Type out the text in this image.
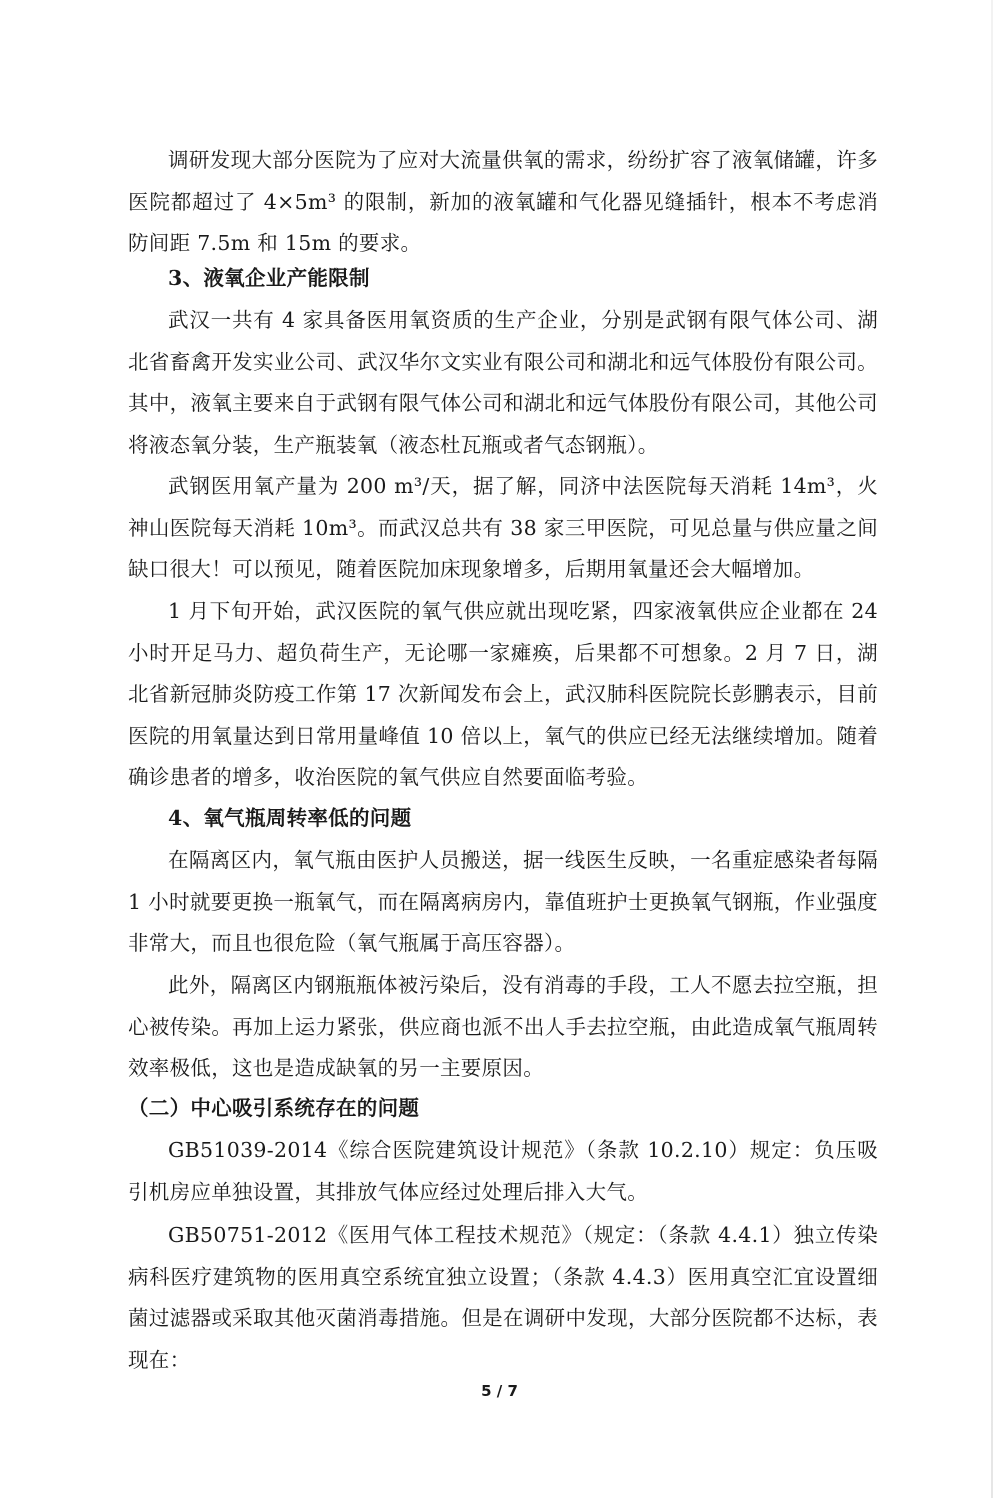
调研发现大部分医院为了应对大流量供氧的需求，纷纷扩容了液氧储罐，许多医院都超过了 4×5m³ 的限制，新加的液氧罐和气化器见缝插针，根本不考虑消防间距 7.5m 和 15m 的要求。

3、液氧企业产能限制

武汉一共有 4 家具备医用氧资质的生产企业，分别是武钢有限气体公司、湖北省畜禽开发实业公司、武汉华尔文实业有限公司和湖北和远气体股份有限公司。其中，液氧主要来自于武钢有限气体公司和湖北和远气体股份有限公司，其他公司将液态氧分装，生产瓶装氧（液态杜瓦瓶或者气态钢瓶）。

武钢医用氧产量为 200 m³/天，据了解，同济中法医院每天消耗 14m³，火神山医院每天消耗 10m³。而武汉总共有 38 家三甲医院，可见总量与供应量之间缺口很大！可以预见，随着医院加床现象增多，后期用氧量还会大幅增加。

1 月下旬开始，武汉医院的氧气供应就出现吃紧，四家液氧供应企业都在 24 小时开足马力、超负荷生产，无论哪一家瘫痪，后果都不可想象。2 月 7 日，湖北省新冠肺炎防疫工作第 17 次新闻发布会上，武汉肺科医院院长彭鹏表示，目前医院的用氧量达到日常用量峰值 10 倍以上，氧气的供应已经无法继续增加。随着确诊患者的增多，收治医院的氧气供应自然要面临考验。

4、氧气瓶周转率低的问题

在隔离区内，氧气瓶由医护人员搬送，据一线医生反映，一名重症感染者每隔 1 小时就要更换一瓶氧气，而在隔离病房内，靠值班护士更换氧气钢瓶，作业强度非常大，而且也很危险（氧气瓶属于高压容器）。

此外，隔离区内钢瓶瓶体被污染后，没有消毒的手段，工人不愿去拉空瓶，担心被传染。再加上运力紧张，供应商也派不出人手去拉空瓶，由此造成氧气瓶周转效率极低，这也是造成缺氧的另一主要原因。

（二）中心吸引系统存在的问题

GB51039-2014《综合医院建筑设计规范》（条款 10.2.10）规定：负压吸引机房应单独设置，其排放气体应经过处理后排入大气。

GB50751-2012《医用气体工程技术规范》（规定：（条款 4.4.1）独立传染病科医疗建筑物的医用真空系统宜独立设置；（条款 4.4.3）医用真空汇宜设置细菌过滤器或采取其他灭菌消毒措施。但是在调研中发现，大部分医院都不达标，表现在：

5 / 7
